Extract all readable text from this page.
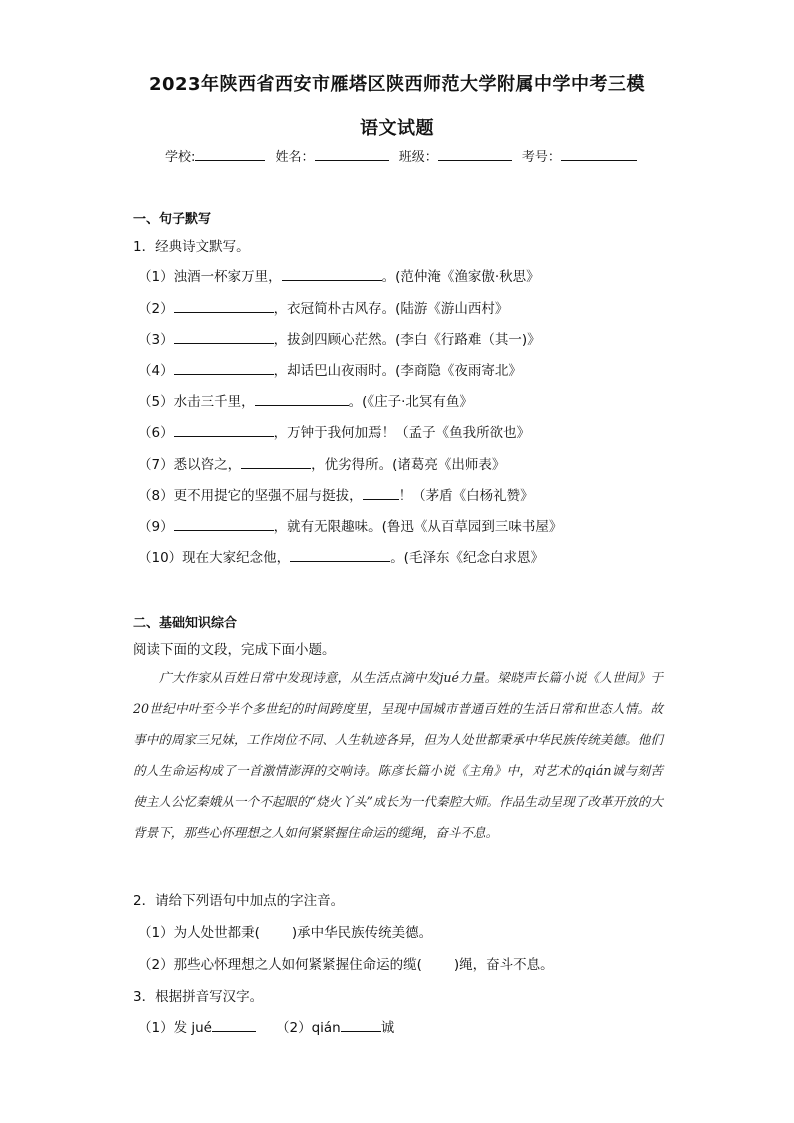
2023年陕西省西安市雁塔区陕西师范大学附属中学中考三模
语文试题
学校:	姓名：	班级：	考号：
一、句子默写
1．经典诗文默写。
（1）浊酒一杯家万里，	。(范仲淹《渔家傲·秋思》
（2）	，衣冠简朴古风存。(陆游《游山西村》
（3）	，拔剑四顾心茫然。(李白《行路难（其一)》
（4）	，却话巴山夜雨时。(李商隐《夜雨寄北》
（5）水击三千里，	。(《庄子·北冥有鱼》
（6）	，万钟于我何加焉！（孟子《鱼我所欲也》
（7）悉以咨之，	，优劣得所。(诸葛亮《出师表》
（8）更不用提它的坚强不屈与挺拔，	！（茅盾《白杨礼赞》
（9）	，就有无限趣味。(鲁迅《从百草园到三味书屋》
（10）现在大家纪念他，	。(毛泽东《纪念白求恩》
二、基础知识综合
阅读下面的文段，完成下面小题。
广大作家从百姓日常中发现诗意，从生活点滴中发jué力量。梁晓声长篇小说《人世间》于20世纪中叶至今半个多世纪的时间跨度里，呈现中国城市普通百姓的生活日常和世态人情。故事中的周家三兄妹，工作岗位不同、人生轨迹各异，但为人处世都秉承中华民族传统美德。他们的人生命运构成了一首激情澎湃的交响诗。陈彦长篇小说《主角》中，对艺术的qián诚与刻苦使主人公忆秦娥从一个不起眼的“烧火丫头”成长为一代秦腔大师。作品生动呈现了改革开放的大背景下，那些心怀理想之人如何紧紧握住命运的缆绳，奋斗不息。
2．请给下列语句中加点的字注音。
（1）为人处世都秉( )承中华民族传统美德。
（2）那些心怀理想之人如何紧紧握住命运的缆( )绳，奋斗不息。
3．根据拼音写汉字。
（1）发 jué	（2）qián	诚
